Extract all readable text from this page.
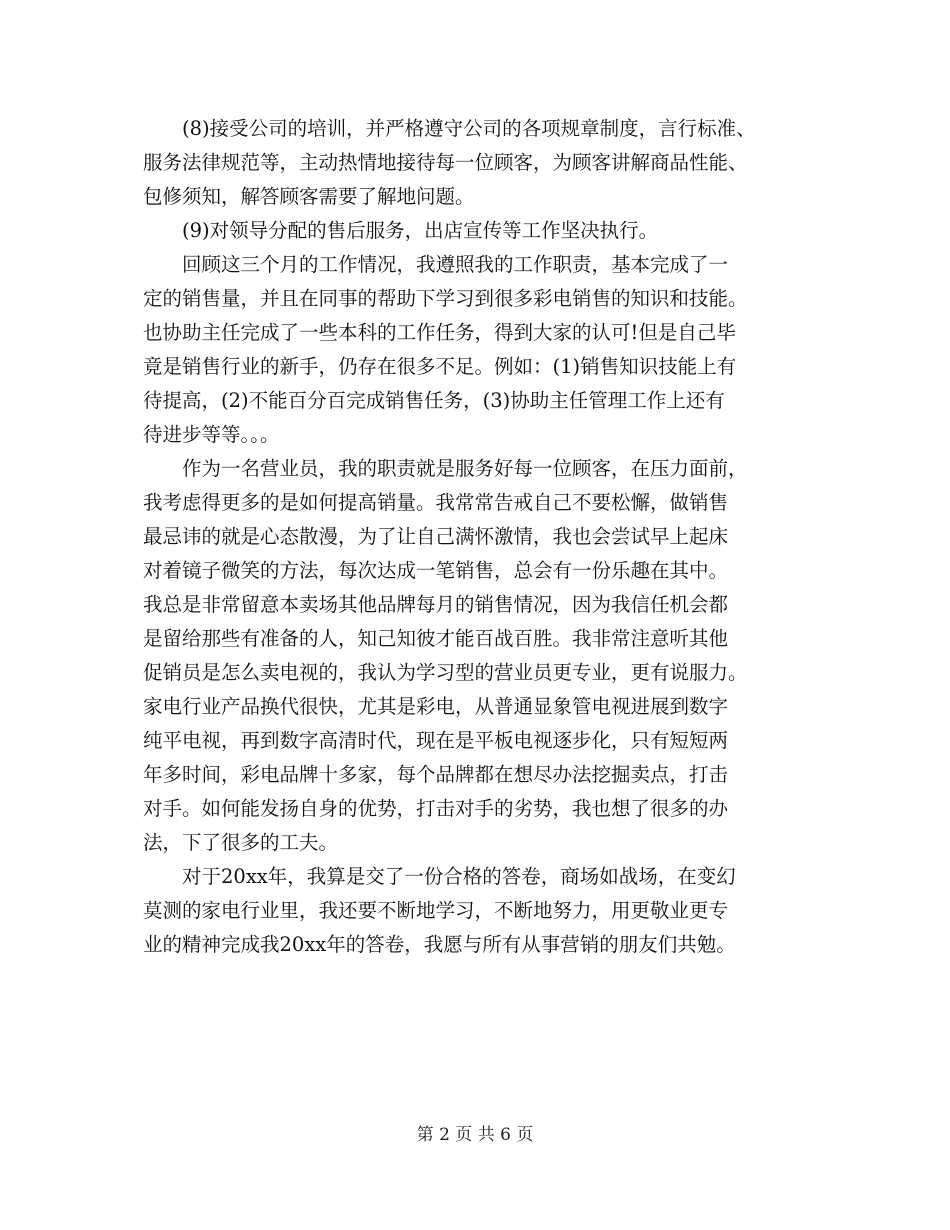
　　(8)接受公司的培训，并严格遵守公司的各项规章制度，言行标准、
服务法律规范等，主动热情地接待每一位顾客，为顾客讲解商品性能、
包修须知，解答顾客需要了解地问题。
　　(9)对领导分配的售后服务，出店宣传等工作坚决执行。
　　回顾这三个月的工作情况，我遵照我的工作职责，基本完成了一
定的销售量，并且在同事的帮助下学习到很多彩电销售的知识和技能。
也协助主任完成了一些本科的工作任务，得到大家的认可!但是自己毕
竟是销售行业的新手，仍存在很多不足。例如：(1)销售知识技能上有
待提高，(2)不能百分百完成销售任务，(3)协助主任管理工作上还有
待进步等等。。。
　　作为一名营业员，我的职责就是服务好每一位顾客，在压力面前，
我考虑得更多的是如何提高销量。我常常告戒自己不要松懈，做销售
最忌讳的就是心态散漫，为了让自己满怀激情，我也会尝试早上起床
对着镜子微笑的方法，每次达成一笔销售，总会有一份乐趣在其中。
我总是非常留意本卖场其他品牌每月的销售情况，因为我信任机会都
是留给那些有准备的人，知己知彼才能百战百胜。我非常注意听其他
促销员是怎么卖电视的，我认为学习型的营业员更专业，更有说服力。
家电行业产品换代很快，尤其是彩电，从普通显象管电视进展到数字
纯平电视，再到数字高清时代，现在是平板电视逐步化，只有短短两
年多时间，彩电品牌十多家，每个品牌都在想尽办法挖掘卖点，打击
对手。如何能发扬自身的优势，打击对手的劣势，我也想了很多的办
法，下了很多的工夫。
　　对于20xx年，我算是交了一份合格的答卷，商场如战场，在变幻
莫测的家电行业里，我还要不断地学习，不断地努力，用更敬业更专
业的精神完成我20xx年的答卷，我愿与所有从事营销的朋友们共勉。
第 2 页 共 6 页
